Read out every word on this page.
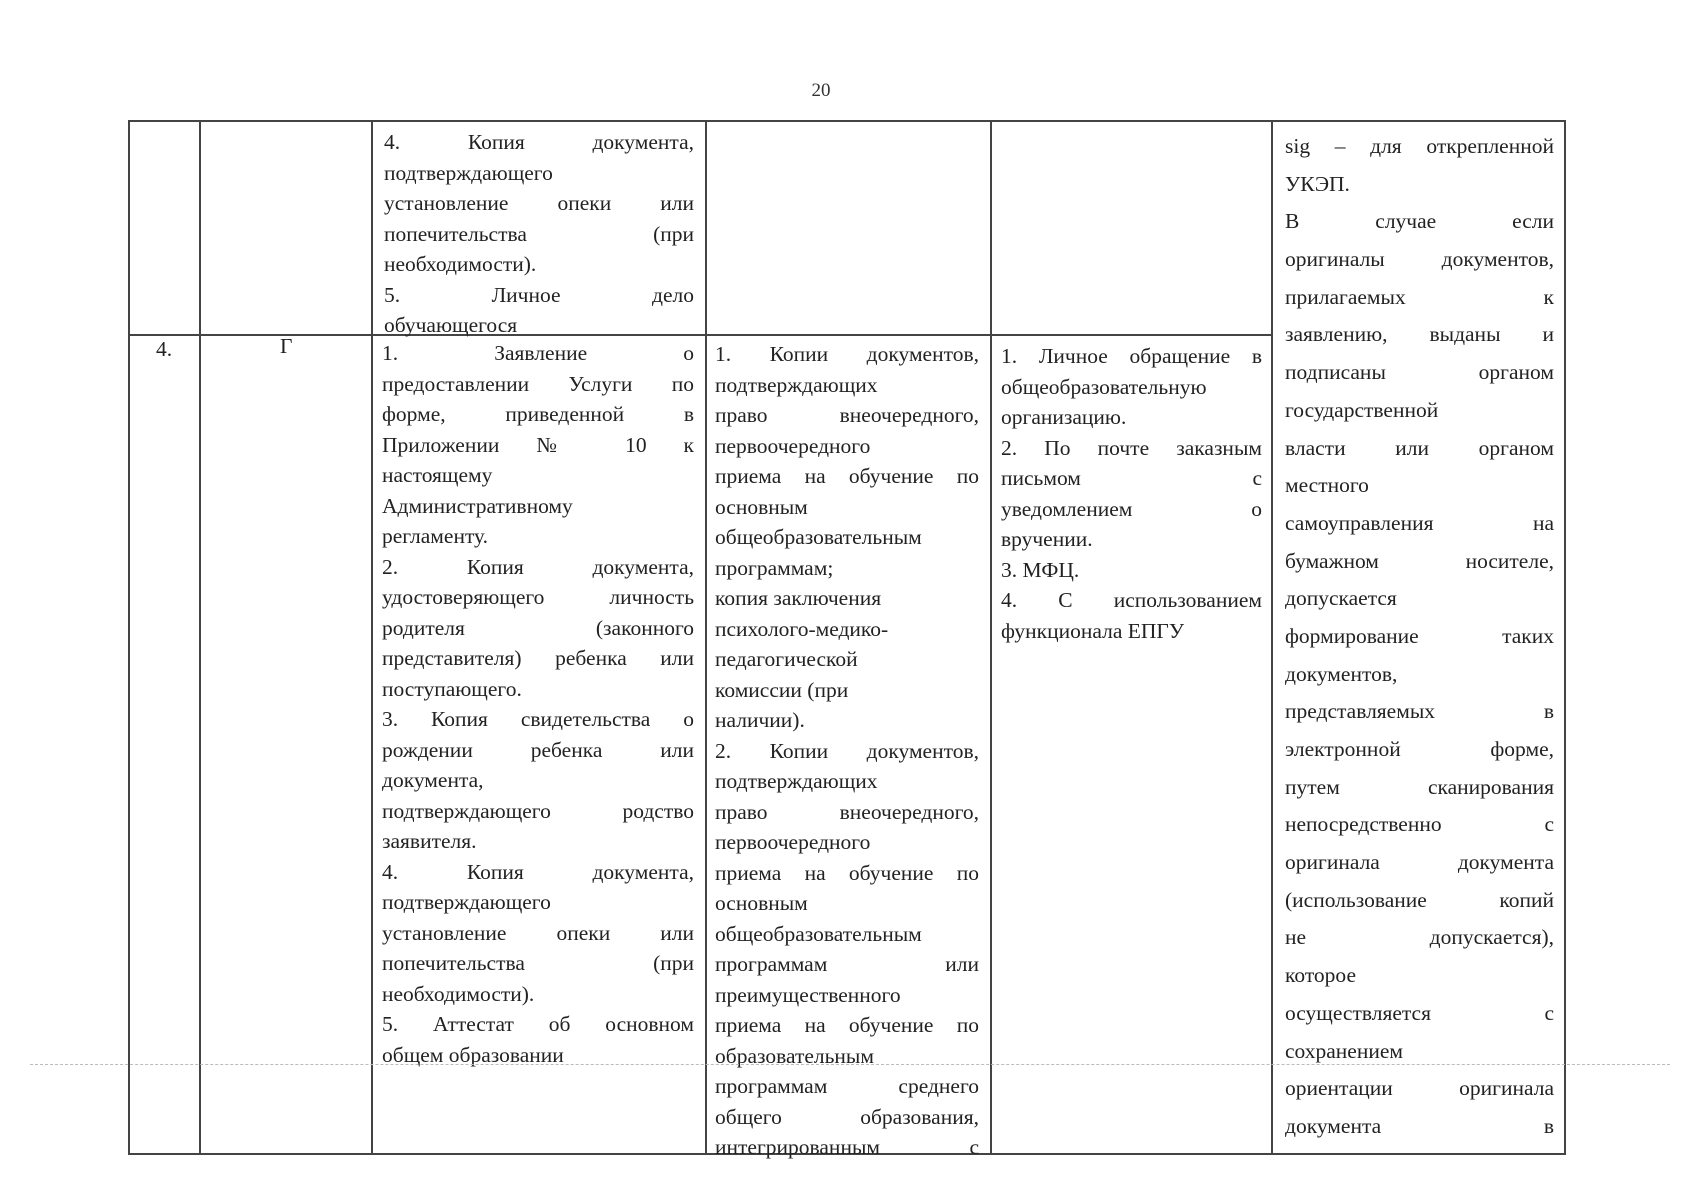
20
4. Копия документа,
подтверждающего
установление опеки или
попечительства (при
необходимости).
5. Личное дело
обучающегося
4.	Г	1. Заявление о
предоставлении Услуги по
форме, приведенной в
Приложении № 10 к
настоящему
Административному
регламенту.
2. Копия документа,
удостоверяющего личность
родителя (законного
представителя) ребенка или
поступающего.
3. Копия свидетельства о
рождении ребенка или
документа,
подтверждающего родство
заявителя.
4. Копия документа,
подтверждающего
установление опеки или
попечительства (при
необходимости).
5. Аттестат об основном
общем образовании
1. Копии документов,
подтверждающих
право внеочередного,
первоочередного
приема на обучение по
основным
общеобразовательным
программам;
копия заключения
психолого-медико-
педагогической
комиссии (при
наличии).
2. Копии документов,
подтверждающих
право внеочередного,
первоочередного
приема на обучение по
основным
общеобразовательным
программам или
преимущественного
приема на обучение по
образовательным
программам среднего
общего образования,
интегрированным с
1. Личное обращение в
общеобразовательную
организацию.
2. По почте заказным
письмом с
уведомлением о
вручении.
3. МФЦ.
4. С использованием
функционала ЕПГУ
sig – для открепленной
УКЭП.
В случае если
оригиналы документов,
прилагаемых к
заявлению, выданы и
подписаны органом
государственной
власти или органом
местного
самоуправления на
бумажном носителе,
допускается
формирование таких
документов,
представляемых в
электронной форме,
путем сканирования
непосредственно с
оригинала документа
(использование копий
не допускается),
которое
осуществляется с
сохранением
ориентации оригинала
документа в
